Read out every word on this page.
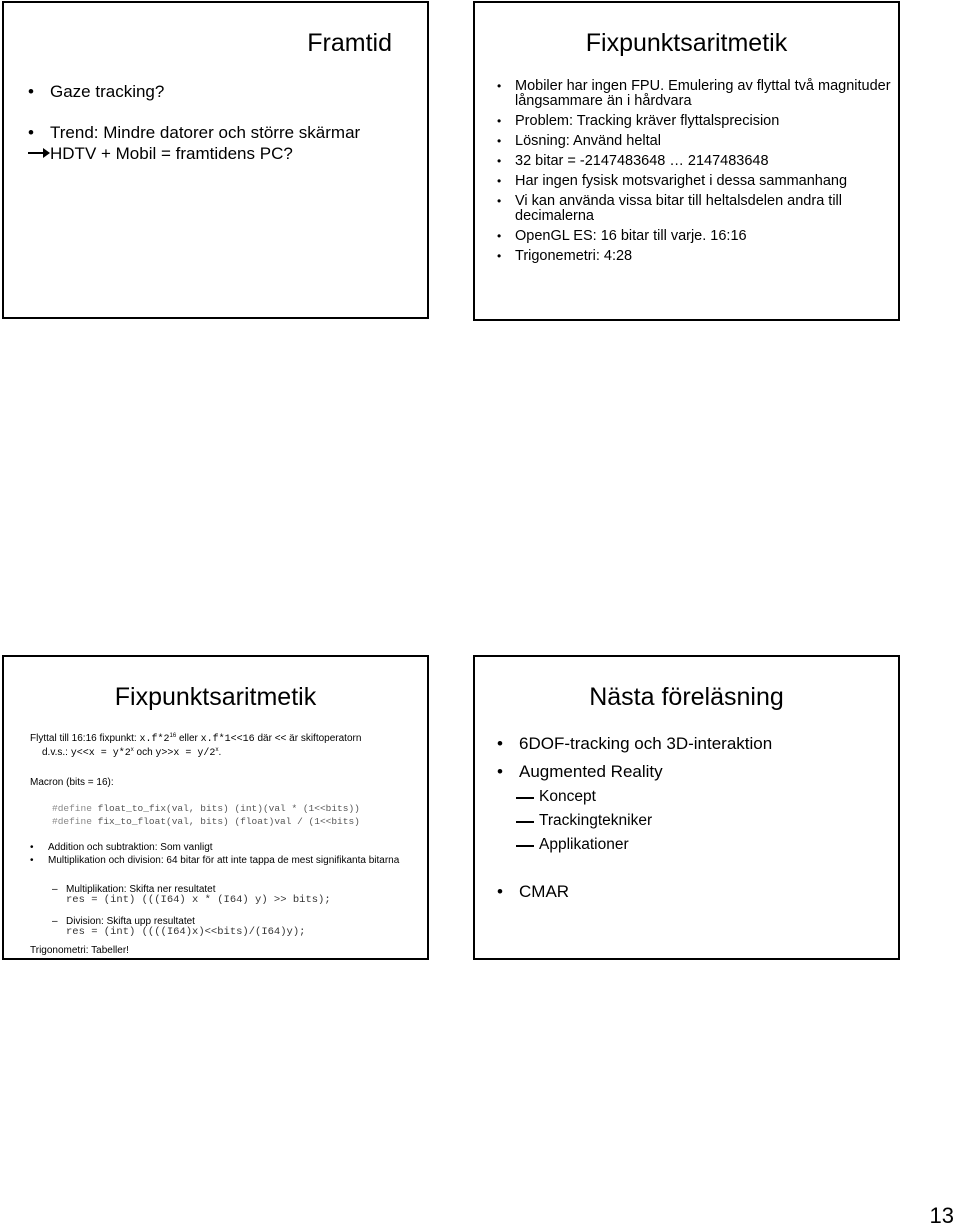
Framtid
• Gaze tracking?
• Trend: Mindre datorer och större skärmar
HDTV + Mobil = framtidens PC?
Fixpunktsaritmetik
• Mobiler har ingen FPU. Emulering av flyttal två magnituder långsammare än i hårdvara
• Problem: Tracking kräver flyttalsprecision
• Lösning: Använd heltal
• 32 bitar = -2147483648 … 2147483648
• Har ingen fysisk motsvarighet i dessa sammanhang
• Vi kan använda vissa bitar till heltalsdelen andra till decimalerna
• OpenGL ES: 16 bitar till varje. 16:16
• Trigonemetri: 4:28
Fixpunktsaritmetik

Flyttal till 16:16 fixpunkt: $x.f*2^{16}$ eller x.f*1<<16 där << är skiftoperatorn

d.v.s.: $y<<x = y*2^x$ och $y>>x = y/2^x$.

Macron (bits = 16):

#define float_to_fix(val, bits) (int)(val * (1<<bits))
#define fix_to_float(val, bits) (float)val / (1<<bits)
• Addition och subtraktion: Som vanligt
• Multiplikation och division: 64 bitar för att inte tappa de mest signifikanta bitarna
– Multiplikation: Skifta ner resultatet
res = (int) (((I64) x * (I64) y) >> bits);
– Division: Skifta upp resultatet
res = (int) ((((I64)x)<<bits)/(I64)y);
Trigonometri: Tabeller!
Nästa föreläsning
• 6DOF-tracking och 3D-interaktion
• Augmented Reality
Koncept
Trackingtekniker
Applikationer
• CMAR
13
